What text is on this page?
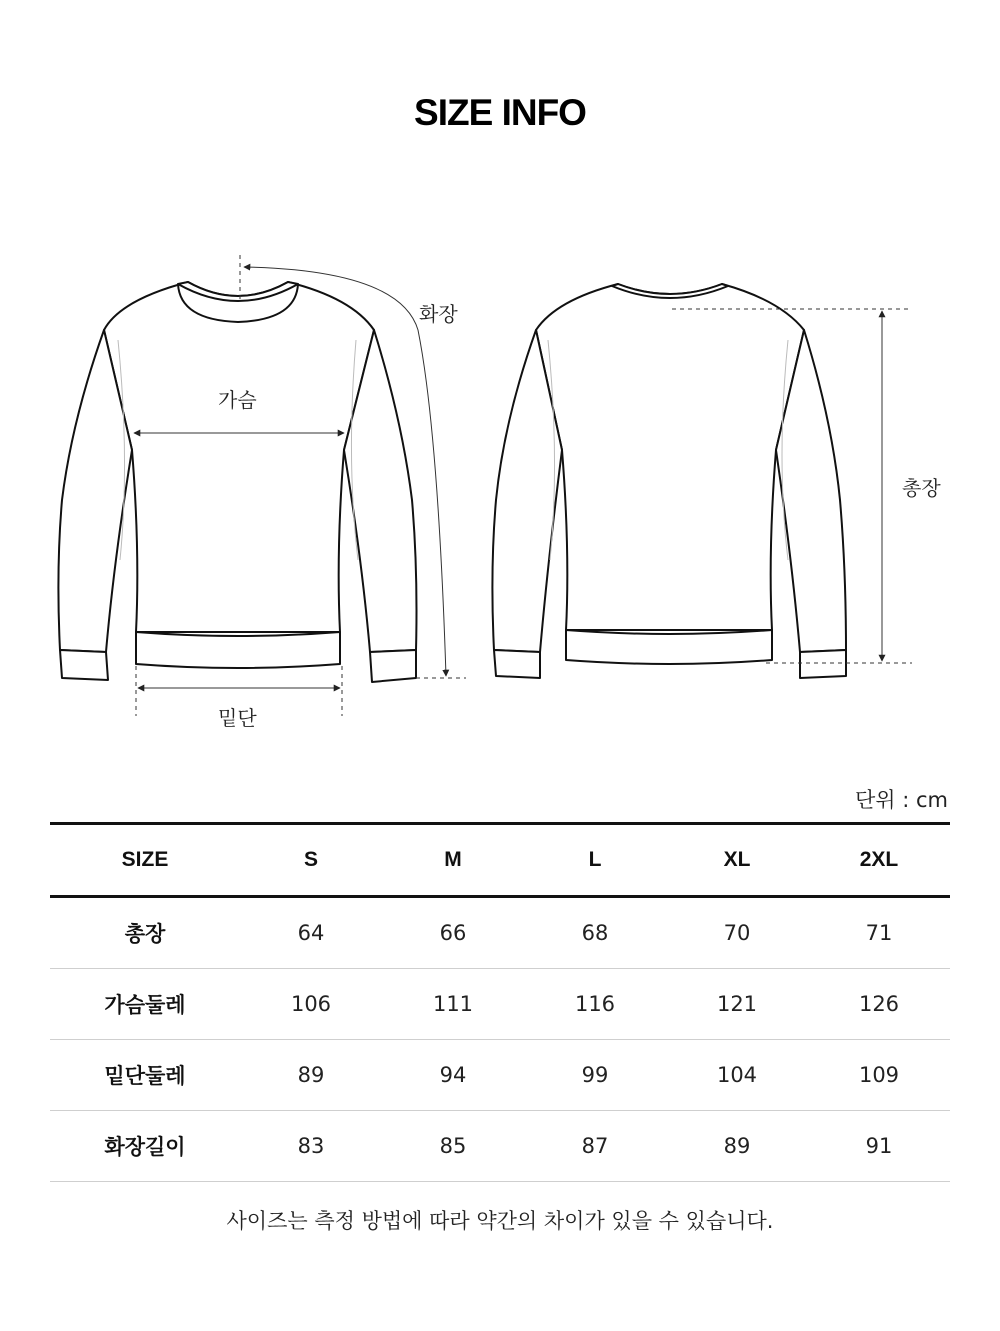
SIZE INFO
화장
가슴
밑단
총장
단위 : cm
SIZE	S	M	L	XL	2XL
총장	64	66	68	70	71
가슴둘레	106	111	116	121	126
밑단둘레	89	94	99	104	109
화장길이	83	85	87	89	91
사이즈는 측정 방법에 따라 약간의 차이가 있을 수 있습니다.
